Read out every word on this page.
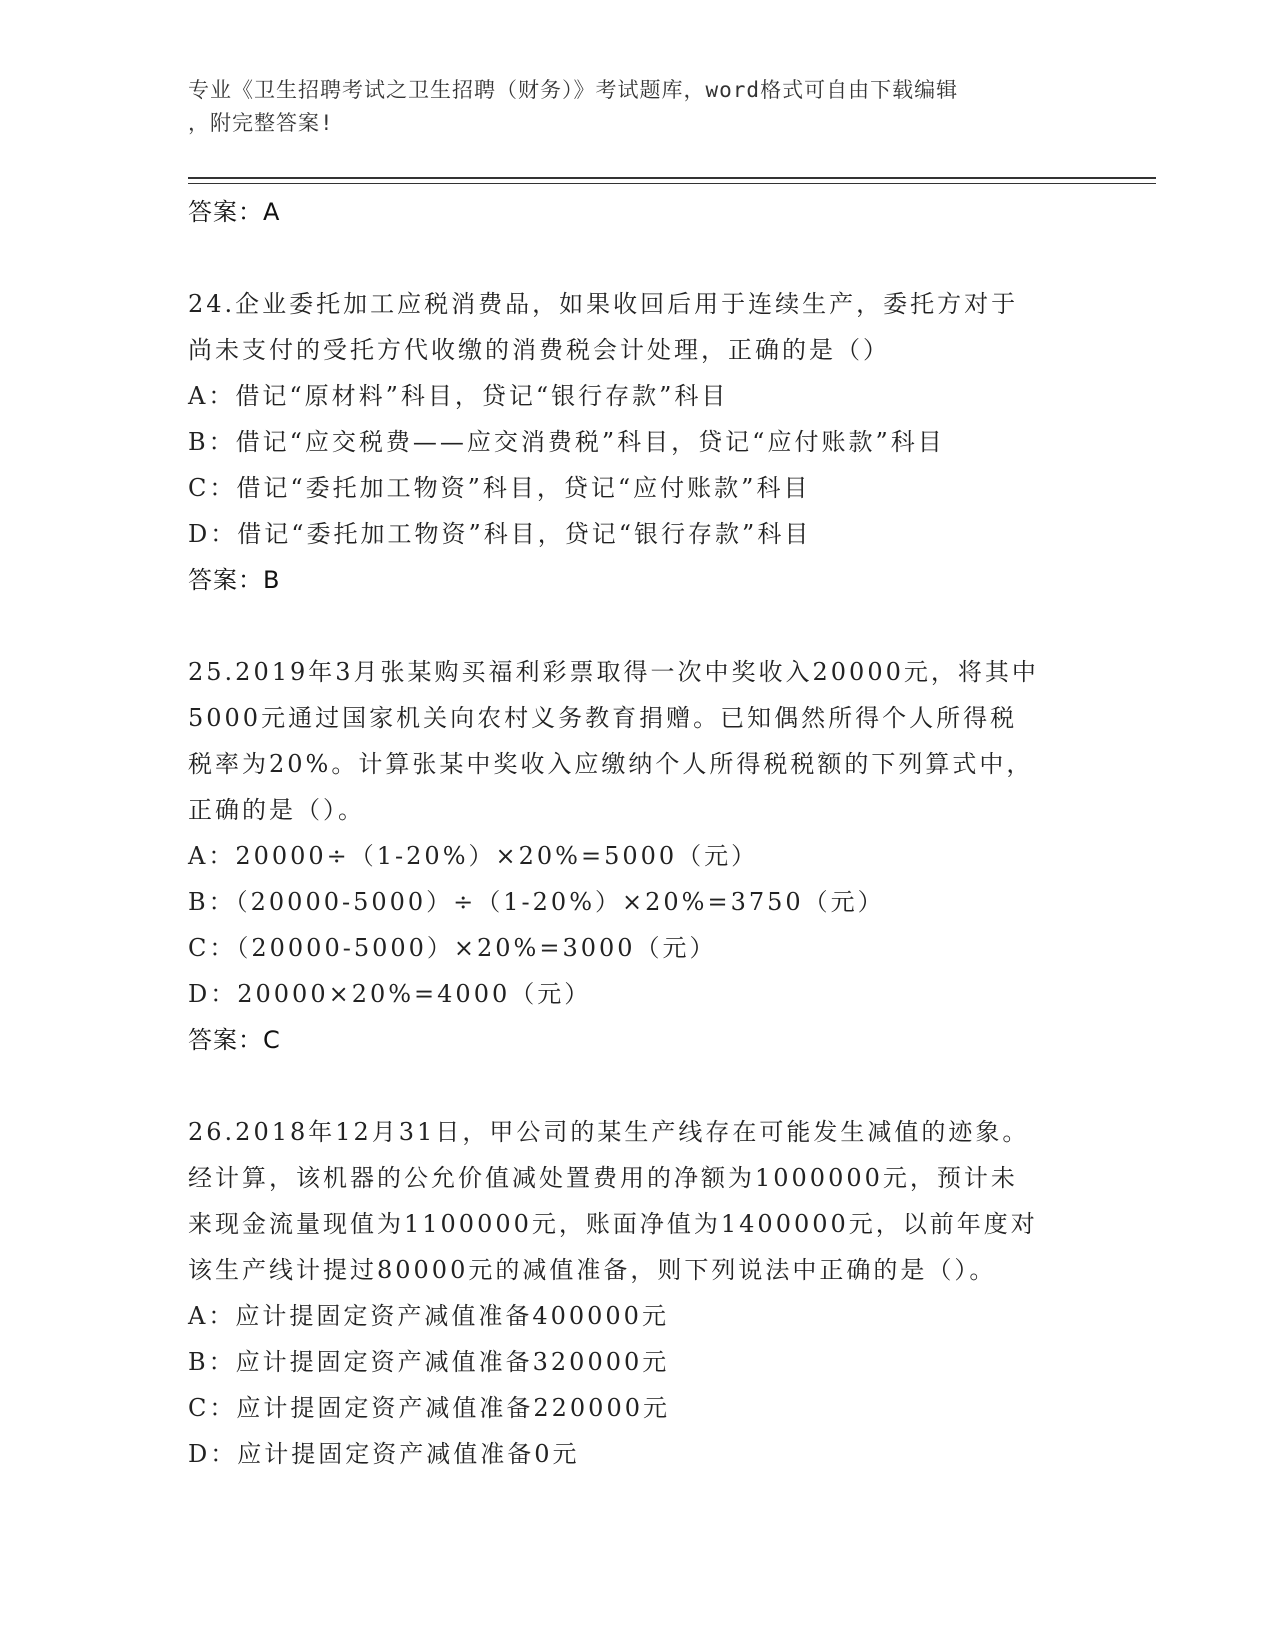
专业《卫生招聘考试之卫生招聘（财务）》考试题库，word格式可自由下载编辑
，附完整答案!
答案：A
24.企业委托加工应税消费品，如果收回后用于连续生产，委托方对于
尚未支付的受托方代收缴的消费税会计处理，正确的是（）
A：借记“原材料”科目，贷记“银行存款”科目
B：借记“应交税费——应交消费税”科目，贷记“应付账款”科目
C：借记“委托加工物资”科目，贷记“应付账款”科目
D：借记“委托加工物资”科目，贷记“银行存款”科目
答案：B
25.2019年3月张某购买福利彩票取得一次中奖收入20000元，将其中
5000元通过国家机关向农村义务教育捐赠。已知偶然所得个人所得税
税率为20%。计算张某中奖收入应缴纳个人所得税税额的下列算式中，
正确的是（）。
A：20000÷（1-20%）×20%=5000（元）
B：（20000-5000）÷（1-20%）×20%=3750（元）
C：（20000-5000）×20%=3000（元）
D：20000×20%=4000（元）
答案：C
26.2018年12月31日，甲公司的某生产线存在可能发生减值的迹象。
经计算，该机器的公允价值减处置费用的净额为1000000元，预计未
来现金流量现值为1100000元，账面净值为1400000元，以前年度对
该生产线计提过80000元的减值准备，则下列说法中正确的是（）。
A：应计提固定资产减值准备400000元
B：应计提固定资产减值准备320000元
C：应计提固定资产减值准备220000元
D：应计提固定资产减值准备0元
